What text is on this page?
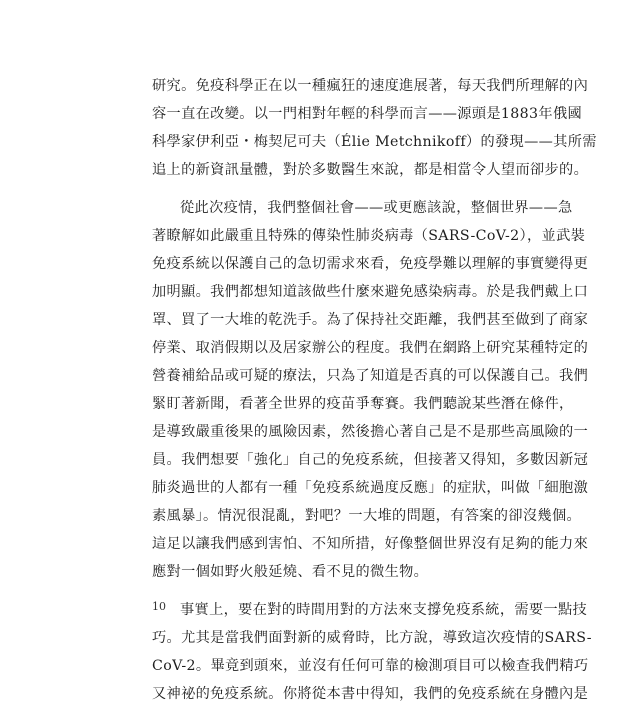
研究。免疫科學正在以一種瘋狂的速度進展著，每天我們所理解的內
容一直在改變。以一門相對年輕的科學而言——源頭是1883年俄國
科學家伊利亞・梅契尼可夫（Élie Metchnikoff）的發現——其所需
追上的新資訊量體，對於多數醫生來說，都是相當令人望而卻步的。

從此次疫情，我們整個社會——或更應該說，整個世界——急
著瞭解如此嚴重且特殊的傳染性肺炎病毒（SARS-CoV-2），並武裝
免疫系統以保護自己的急切需求來看，免疫學難以理解的事實變得更
加明顯。我們都想知道該做些什麼來避免感染病毒。於是我們戴上口
罩、買了一大堆的乾洗手。為了保持社交距離，我們甚至做到了商家
停業、取消假期以及居家辦公的程度。我們在網路上研究某種特定的
營養補給品或可疑的療法，只為了知道是否真的可以保護自己。我們
緊盯著新聞，看著全世界的疫苗爭奪賽。我們聽說某些潛在條件，
是導致嚴重後果的風險因素，然後擔心著自己是不是那些高風險的一
員。我們想要「強化」自己的免疫系統，但接著又得知，多數因新冠
肺炎過世的人都有一種「免疫系統過度反應」的症狀，叫做「細胞激
素風暴」。情況很混亂，對吧？一大堆的問題，有答案的卻沒幾個。
這足以讓我們感到害怕、不知所措，好像整個世界沒有足夠的能力來
應對一個如野火般延燒、看不見的微生物。

事實上，要在對的時間用對的方法來支撐免疫系統，需要一點技
巧。尤其是當我們面對新的威脅時，比方說，導致這次疫情的SARS-
CoV-2。畢竟到頭來，並沒有任何可靠的檢測項目可以檢查我們精巧
又神祕的免疫系統。你將從本書中得知，我們的免疫系統在身體內是

10
